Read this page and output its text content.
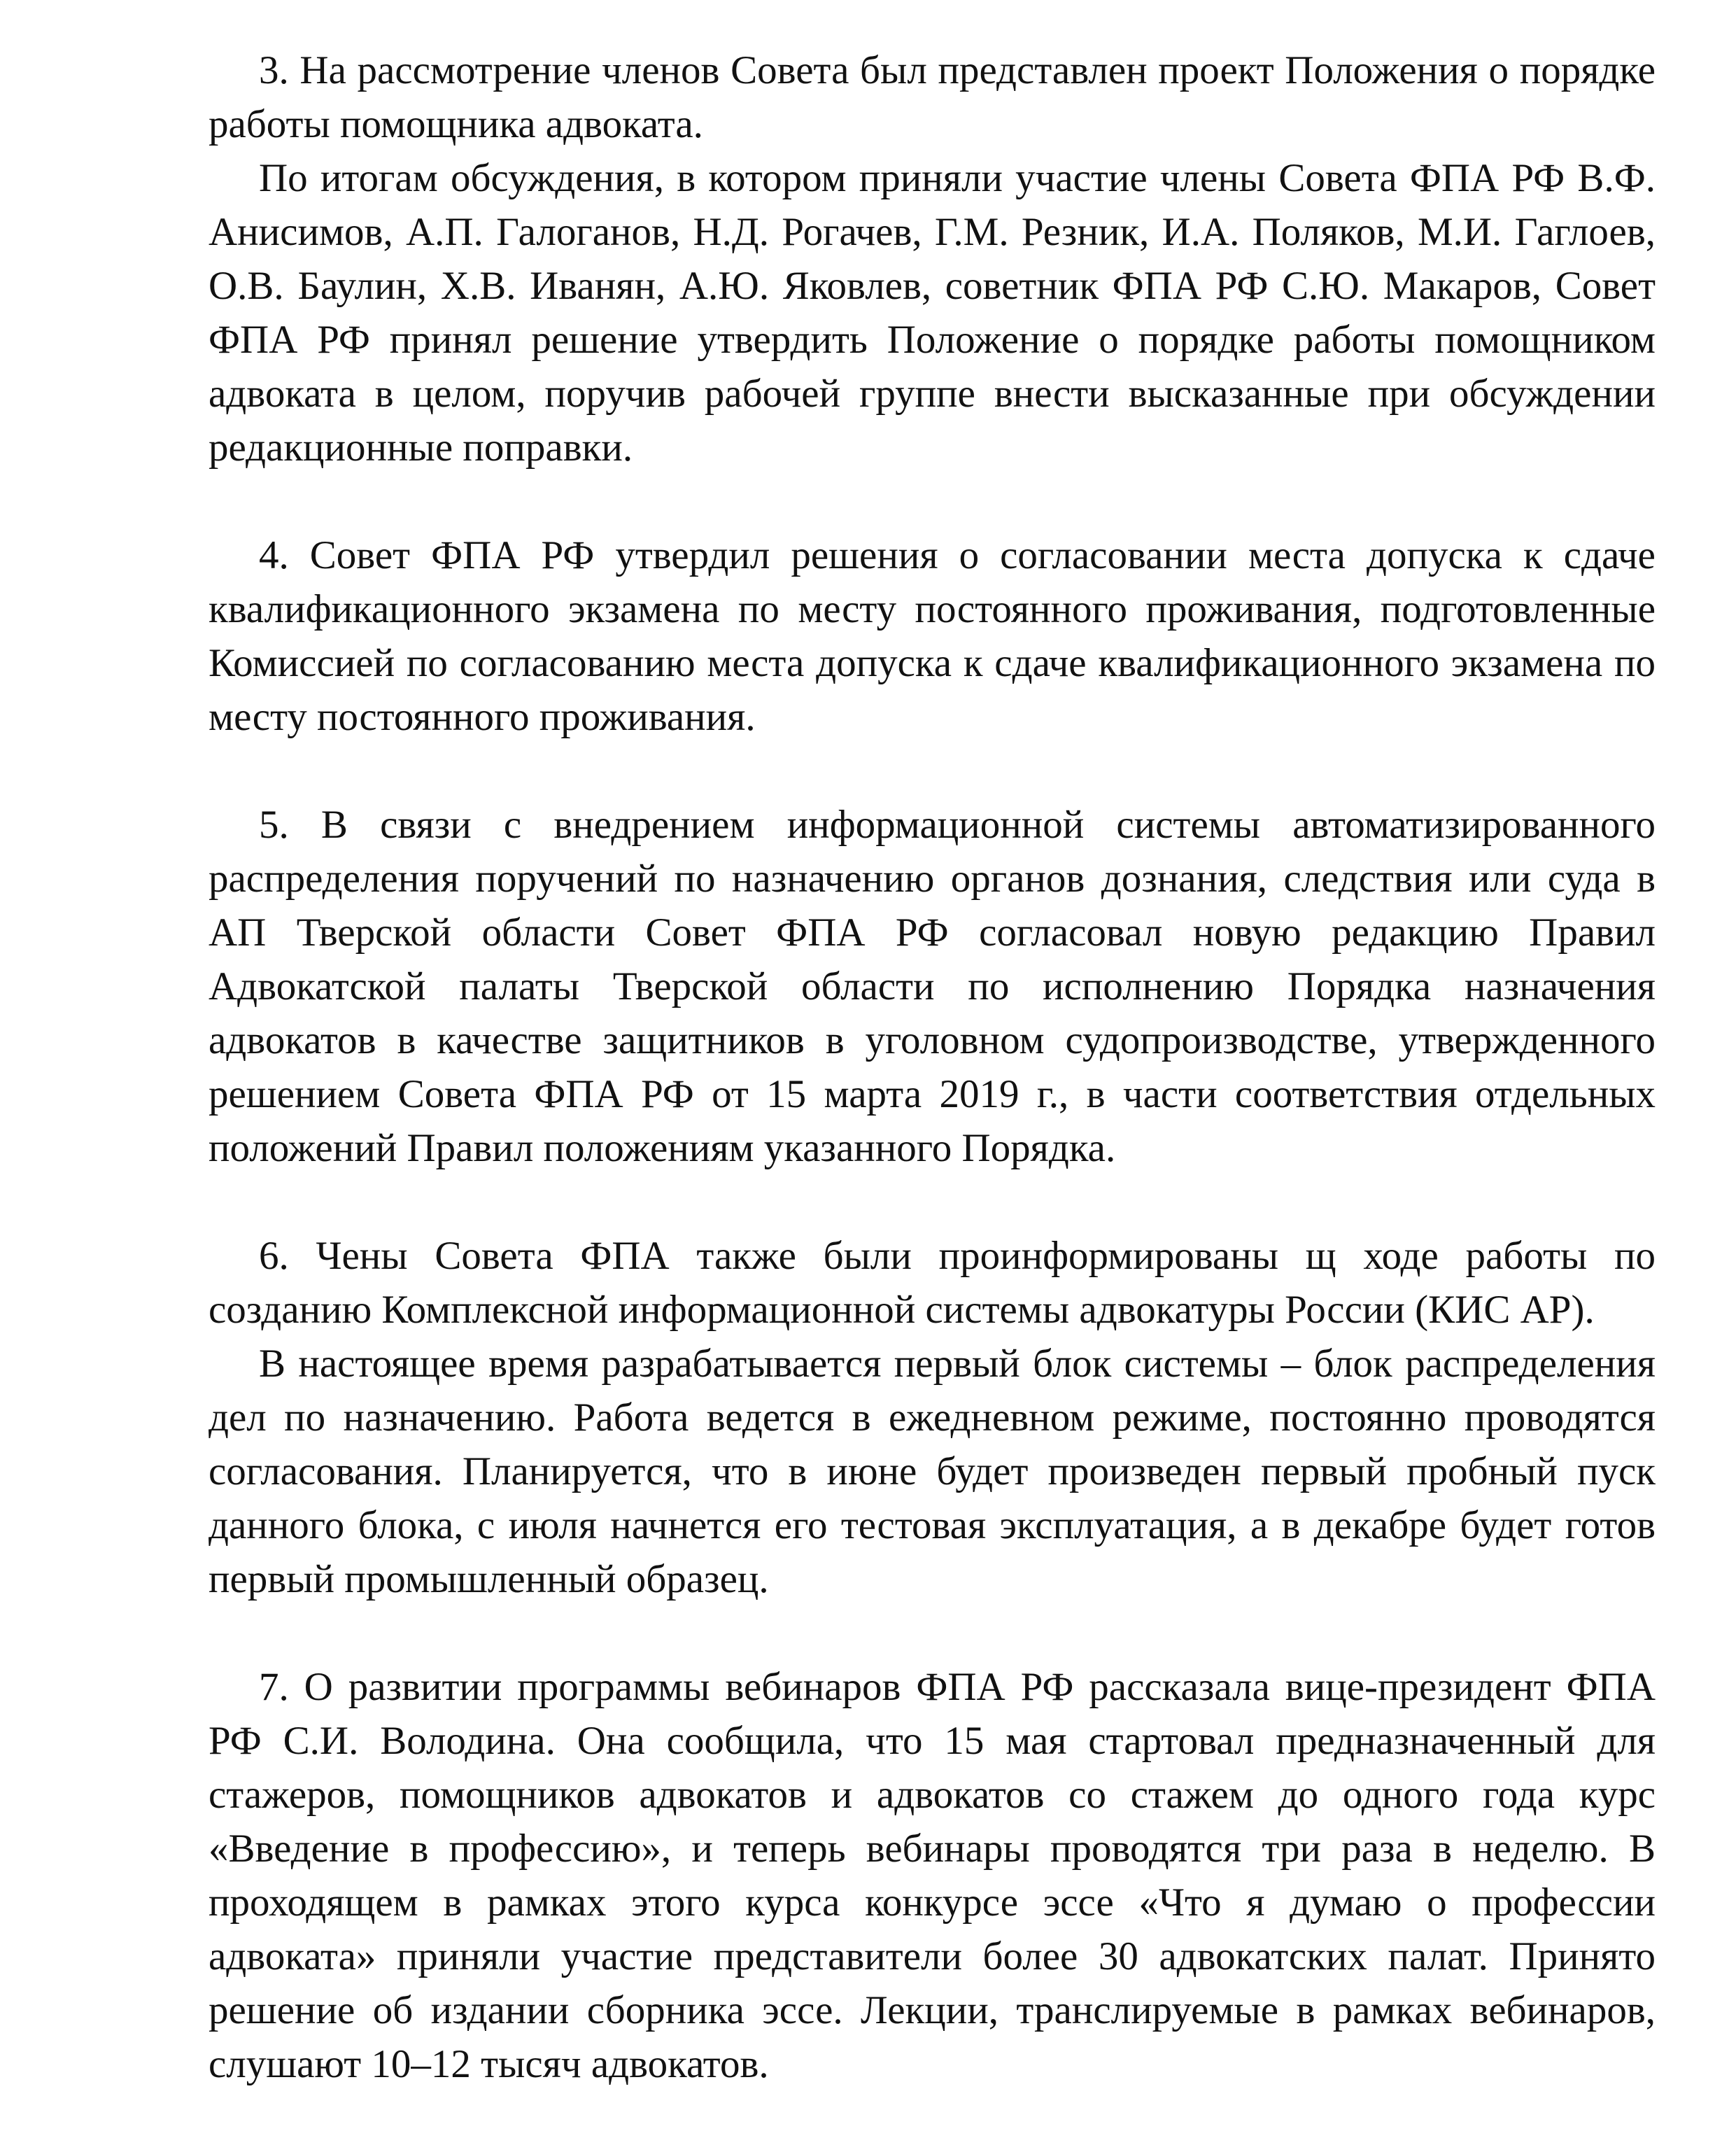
3. На рассмотрение членов Совета был представлен проект Положения о порядке работы помощника адвоката.

По итогам обсуждения, в котором приняли участие члены Совета ФПА РФ В.Ф. Анисимов, А.П. Галоганов, Н.Д. Рогачев, Г.М. Резник, И.А. Поляков, М.И. Гаглоев, О.В. Баулин, Х.В. Иванян, А.Ю. Яковлев, советник ФПА РФ С.Ю. Макаров, Совет ФПА РФ принял решение утвердить Положение о порядке работы помощником адвоката в целом, поручив рабочей группе внести высказанные при обсуждении редакционные поправки.

4. Совет ФПА РФ утвердил решения о согласовании места допуска к сдаче квалификационного экзамена по месту постоянного проживания, подготовленные Комиссией по согласованию места допуска к сдаче квалификационного экзамена по месту постоянного проживания.

5. В связи с внедрением информационной системы автоматизированного распределения поручений по назначению органов дознания, следствия или суда в АП Тверской области Совет ФПА РФ согласовал новую редакцию Правил Адвокатской палаты Тверской области по исполнению Порядка назначения адвокатов в качестве защитников в уголовном судопроизводстве, утвержденного решением Совета ФПА РФ от 15 марта 2019 г., в части соответствия отдельных положений Правил положениям указанного Порядка.

6. Чены Совета ФПА также были проинформированы щ ходе работы по созданию Комплексной информационной системы адвокатуры России (КИС АР).

В настоящее время разрабатывается первый блок системы – блок распределения дел по назначению. Работа ведется в ежедневном режиме, постоянно проводятся согласования. Планируется, что в июне будет произведен первый пробный пуск данного блока, с июля начнется его тестовая эксплуатация, а в декабре будет готов первый промышленный образец.

7. О развитии программы вебинаров ФПА РФ рассказала вице-президент ФПА РФ С.И. Володина. Она сообщила, что 15 мая стартовал предназначенный для стажеров, помощников адвокатов и адвокатов со стажем до одного года курс «Введение в профессию», и теперь вебинары проводятся три раза в неделю. В проходящем в рамках этого курса конкурсе эссе «Что я думаю о профессии адвоката» приняли участие представители более 30 адвокатских палат. Принято решение об издании сборника эссе. Лекции, транслируемые в рамках вебинаров, слушают 10–12 тысяч адвокатов.
